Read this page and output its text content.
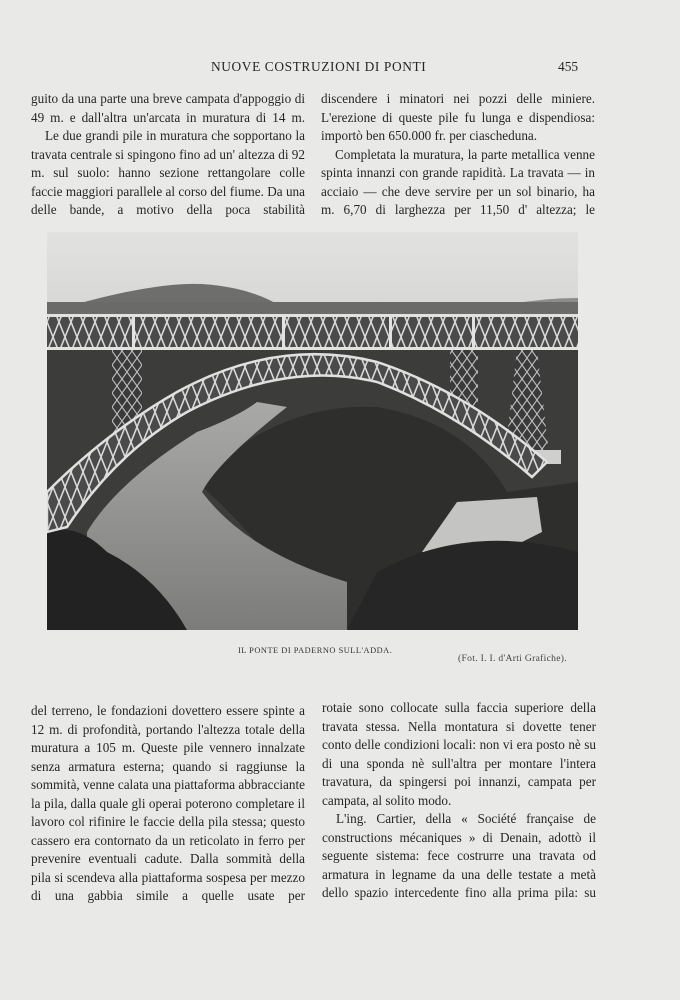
NUOVE COSTRUZIONI DI PONTI	455

guito da una parte una breve campata d'appoggio di 49 m. e dall'altra un'arcata in muratura di 14 m.

Le due grandi pile in muratura che sopportano la travata centrale si spingono fino ad un' altezza di 92 m. sul suolo: hanno sezione rettangolare colle faccie maggiori parallele al corso del fiume. Da una delle bande, a motivo della poca stabilità

discendere i minatori nei pozzi delle miniere. L'erezione di queste pile fu lunga e dispendiosa: importò ben 650.000 fr. per ciascheduna.

Completata la muratura, la parte metallica venne spinta innanzi con grande rapidità. La travata — in acciaio — che deve servire per un sol binario, ha m. 6,70 di larghezza per 11,50 d' altezza; le

IL PONTE DI PADERNO SULL'ADDA.
(Fot. I. I. d'Arti Grafiche).

del terreno, le fondazioni dovettero essere spinte a 12 m. di profondità, portando l'altezza totale della muratura a 105 m. Queste pile vennero innalzate senza armatura esterna; quando si raggiunse la sommità, venne calata una piattaforma abbracciante la pila, dalla quale gli operai poterono completare il lavoro col rifinire le faccie della pila stessa; questo cassero era contornato da un reticolato in ferro per prevenire eventuali cadute. Dalla sommità della pila si scendeva alla piattaforma sospesa per mezzo di una gabbia simile a quelle usate per

rotaie sono collocate sulla faccia superiore della travata stessa. Nella montatura si dovette tener conto delle condizioni locali: non vi era posto nè su di una sponda nè sull'altra per montare l'intera travatura, da spingersi poi innanzi, campata per campata, al solito modo.

L'ing. Cartier, della « Société française de constructions mécaniques » di Denain, adottò il seguente sistema: fece costrurre una travata od armatura in legname da una delle testate a metà dello spazio intercedente fino alla prima pila: su
